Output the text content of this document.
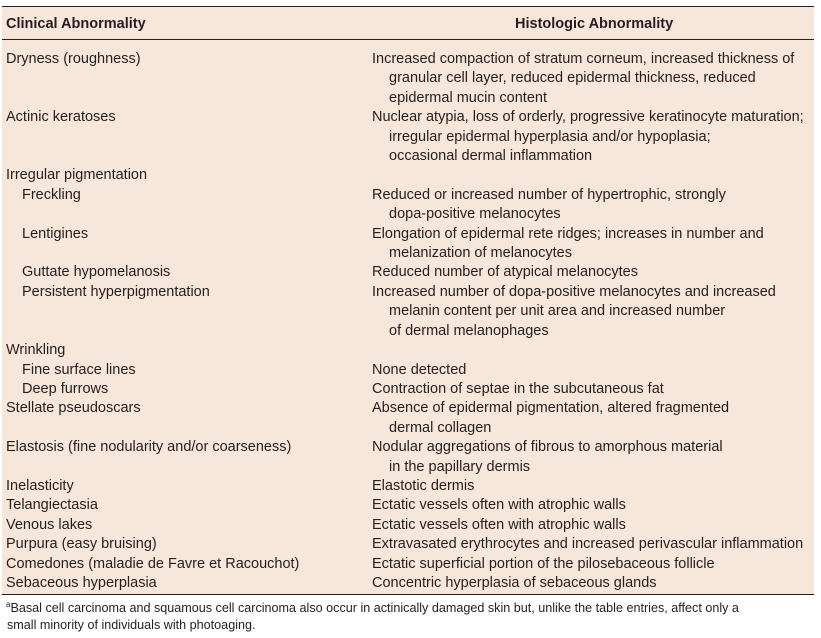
Clinical Abnormality	Histologic Abnormality
Dryness (roughness)	Increased compaction of stratum corneum, increased thickness of
granular cell layer, reduced epidermal thickness, reduced
epidermal mucin content
Actinic keratoses	Nuclear atypia, loss of orderly, progressive keratinocyte maturation;
irregular epidermal hyperplasia and/or hypoplasia;
occasional dermal inflammation
Irregular pigmentation
Freckling	Reduced or increased number of hypertrophic, strongly
dopa-positive melanocytes
Lentigines	Elongation of epidermal rete ridges; increases in number and
melanization of melanocytes
Guttate hypomelanosis	Reduced number of atypical melanocytes
Persistent hyperpigmentation	Increased number of dopa-positive melanocytes and increased
melanin content per unit area and increased number
of dermal melanophages
Wrinkling
Fine surface lines	None detected
Deep furrows	Contraction of septae in the subcutaneous fat
Stellate pseudoscars	Absence of epidermal pigmentation, altered fragmented
dermal collagen
Elastosis (fine nodularity and/or coarseness)	Nodular aggregations of fibrous to amorphous material
in the papillary dermis
Inelasticity	Elastotic dermis
Telangiectasia	Ectatic vessels often with atrophic walls
Venous lakes	Ectatic vessels often with atrophic walls
Purpura (easy bruising)	Extravasated erythrocytes and increased perivascular inflammation
Comedones (maladie de Favre et Racouchot)	Ectatic superficial portion of the pilosebaceous follicle
Sebaceous hyperplasia	Concentric hyperplasia of sebaceous glands
$^a$Basal cell carcinoma and squamous cell carcinoma also occur in actinically damaged skin but, unlike the table entries, affect only a
small minority of individuals with photoaging.
